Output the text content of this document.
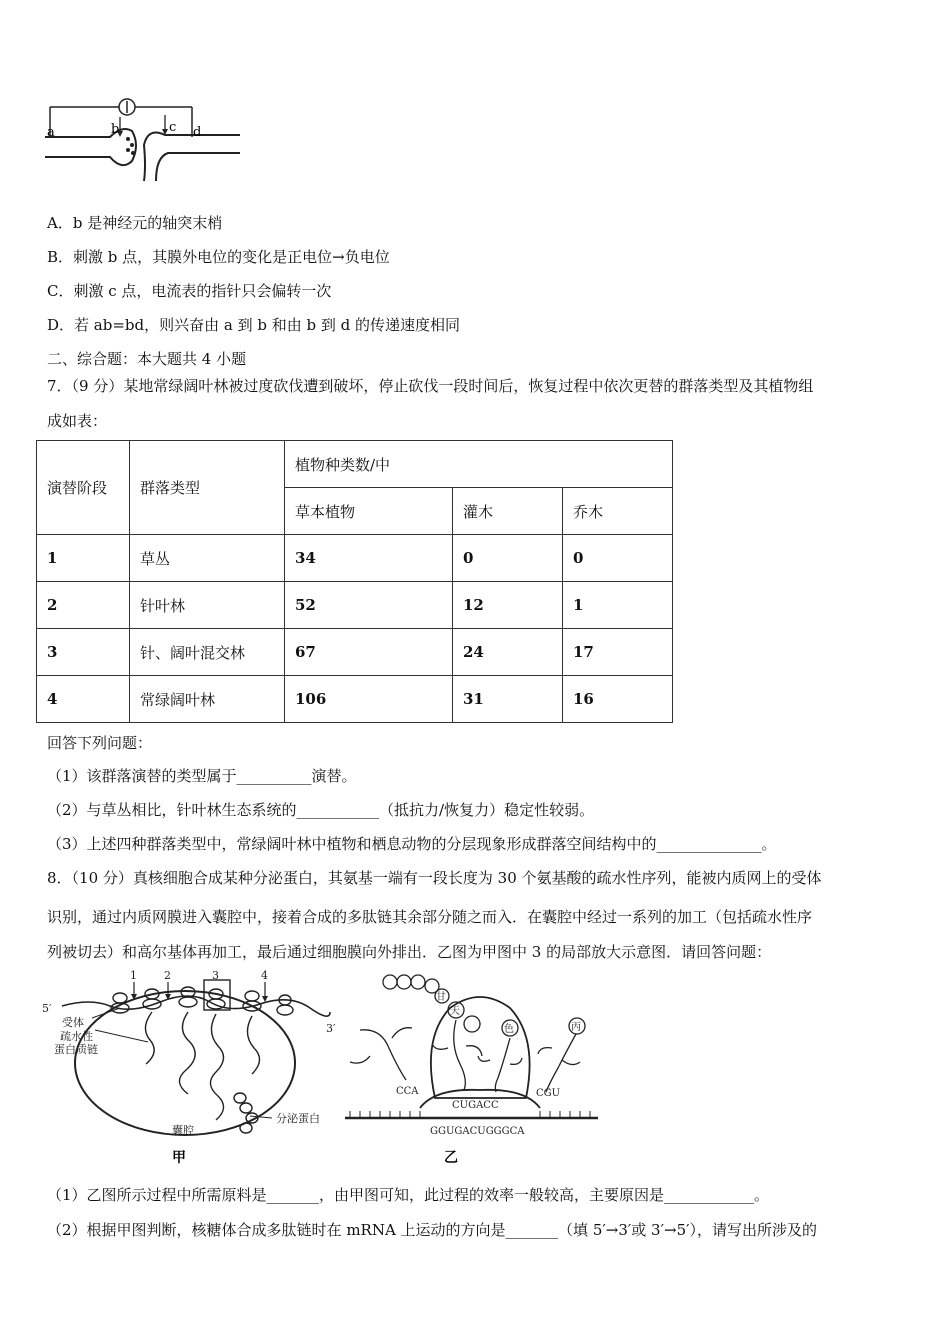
a	b	c d
A．b 是神经元的轴突末梢
B．刺激 b 点，其膜外电位的变化是正电位→负电位
C．刺激 c 点，电流表的指针只会偏转一次
D．若 ab=bd，则兴奋由 a 到 b 和由 b 到 d 的传递速度相同
二、综合题：本大题共 4 小题
7．（9 分）某地常绿阔叶林被过度砍伐遭到破坏，停止砍伐一段时间后，恢复过程中依次更替的群落类型及其植物组
成如表：
演替阶段	群落类型	植物种类数/中		
		草本植物	灌木	乔木
1	草丛	34	0	0
2	针叶林	52	12	1
3	针、阔叶混交林	67	24	17
4	常绿阔叶林	106	31	16
回答下列问题：
（1）该群落演替的类型属于__________演替。
（2）与草丛相比，针叶林生态系统的___________（抵抗力/恢复力）稳定性较弱。
（3）上述四种群落类型中，常绿阔叶林中植物和栖息动物的分层现象形成群落空间结构中的______________。
8．（10 分）真核细胞合成某种分泌蛋白，其氨基一端有一段长度为 30 个氨基酸的疏水性序列，能被内质网上的受体
识别，通过内质网膜进入囊腔中，接着合成的多肽链其余部分随之而入．在囊腔中经过一系列的加工（包括疏水性序
列被切去）和高尔基体再加工，最后通过细胞膜向外排出．乙图为甲图中 3 的局部放大示意图．请回答问题：
1 2	3	4
5′
3′
受体
疏水性
蛋白质链
分泌蛋白
囊腔
甲
甘
天
色	丙
CCA
CUGACC
CGU
GGUGACUGGGCA
乙
（1）乙图所示过程中所需原料是_______，由甲图可知，此过程的效率一般较高，主要原因是____________。
（2）根据甲图判断，核糖体合成多肽链时在 mRNA 上运动的方向是_______（填 5′→3′或 3′→5′），请写出所涉及的
